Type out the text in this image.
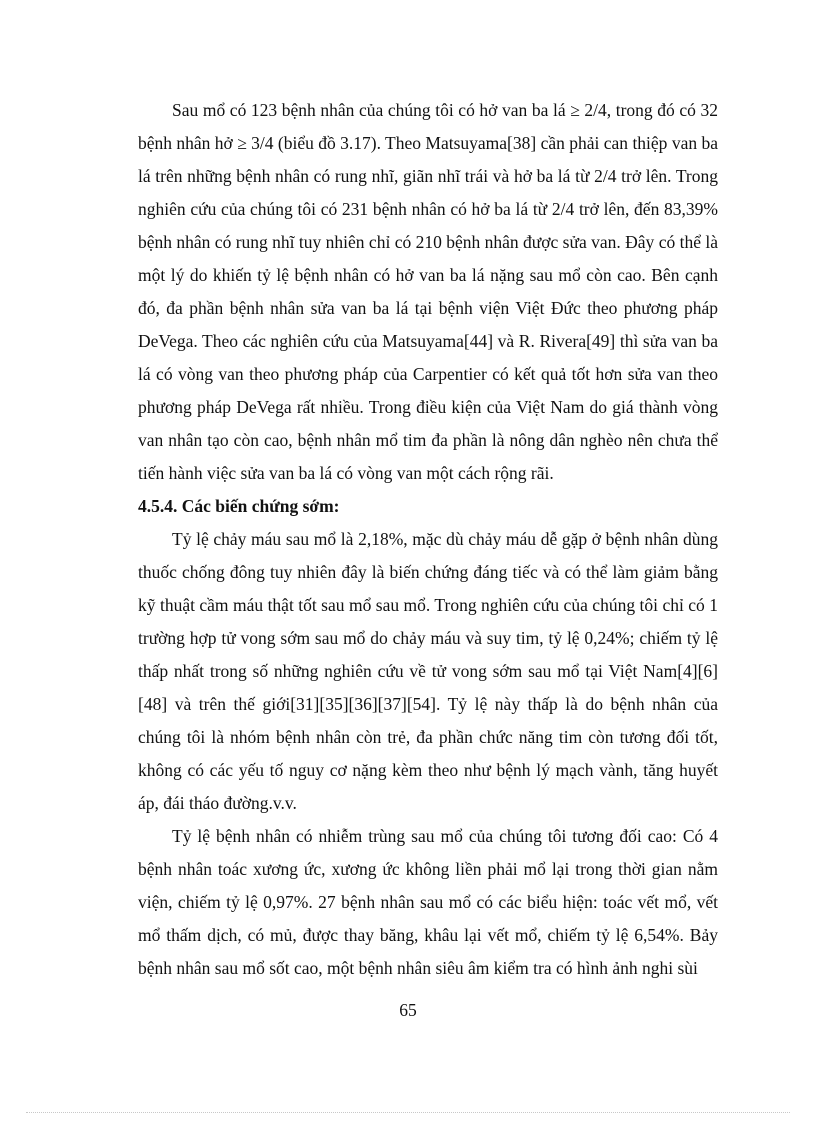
Sau mổ có 123 bệnh nhân của chúng tôi có hở van ba lá ≥ 2/4, trong đó có 32 bệnh nhân hở ≥ 3/4 (biểu đồ 3.17). Theo Matsuyama[38] cần phải can thiệp van ba lá trên những bệnh nhân có rung nhĩ, giãn nhĩ trái và hở ba lá từ 2/4 trở lên. Trong nghiên cứu của chúng tôi có 231 bệnh nhân có hở ba lá từ 2/4 trở lên, đến 83,39% bệnh nhân có rung nhĩ tuy nhiên chỉ có 210 bệnh nhân được sửa van. Đây có thể là một lý do khiến tỷ lệ bệnh nhân có hở van ba lá nặng sau mổ còn cao. Bên cạnh đó, đa phần bệnh nhân sửa van ba lá tại bệnh viện Việt Đức theo phương pháp DeVega. Theo các nghiên cứu của Matsuyama[44] và R. Rivera[49] thì sửa van ba lá có vòng van theo phương pháp của Carpentier có kết quả tốt hơn sửa van theo phương pháp DeVega rất nhiều. Trong điều kiện của Việt Nam do giá thành vòng van nhân tạo còn cao, bệnh nhân mổ tim đa phần là nông dân nghèo nên chưa thể tiến hành việc sửa van ba lá có vòng van một cách rộng rãi.

4.5.4. Các biến chứng sớm:

Tỷ lệ chảy máu sau mổ là 2,18%, mặc dù chảy máu dễ gặp ở bệnh nhân dùng thuốc chống đông tuy nhiên đây là biến chứng đáng tiếc và có thể làm giảm bằng kỹ thuật cầm máu thật tốt sau mổ sau mổ. Trong nghiên cứu của chúng tôi chỉ có 1 trường hợp tử vong sớm sau mổ do chảy máu và suy tim, tỷ lệ 0,24%; chiếm tỷ lệ thấp nhất trong số những nghiên cứu về tử vong sớm sau mổ tại Việt Nam[4][6][48] và trên thế giới[31][35][36][37][54]. Tỷ lệ này thấp là do bệnh nhân của chúng tôi là nhóm bệnh nhân còn trẻ, đa phần chức năng tim còn tương đối tốt, không có các yếu tố nguy cơ nặng kèm theo như bệnh lý mạch vành, tăng huyết áp, đái tháo đường.v.v.

Tỷ lệ bệnh nhân có nhiễm trùng sau mổ của chúng tôi tương đối cao: Có 4 bệnh nhân toác xương ức, xương ức không liền phải mổ lại trong thời gian nằm viện, chiếm tỷ lệ 0,97%. 27 bệnh nhân sau mổ có các biểu hiện: toác vết mổ, vết mổ thấm dịch, có mủ, được thay băng, khâu lại vết mổ, chiếm tỷ lệ 6,54%. Bảy bệnh nhân sau mổ sốt cao, một bệnh nhân siêu âm kiểm tra có hình ảnh nghi sùi

65
